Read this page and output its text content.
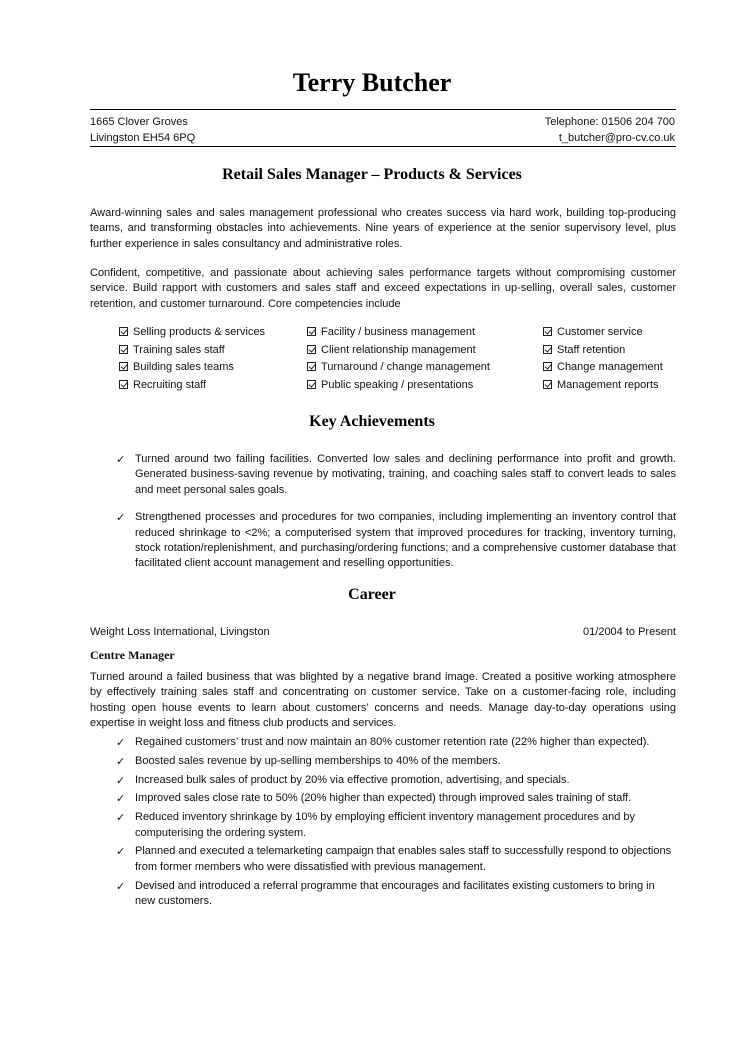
Terry Butcher
1665 Clover Groves
Livingston EH54 6PQ
Telephone: 01506 204 700
t_butcher@pro-cv.co.uk
Retail Sales Manager – Products & Services
Award-winning sales and sales management professional who creates success via hard work, building top-producing teams, and transforming obstacles into achievements. Nine years of experience at the senior supervisory level, plus further experience in sales consultancy and administrative roles.
Confident, competitive, and passionate about achieving sales performance targets without compromising customer service. Build rapport with customers and sales staff and exceed expectations in up-selling, overall sales, customer retention, and customer turnaround. Core competencies include
Selling products & services
Training sales staff
Building sales teams
Recruiting staff
Facility / business management
Client relationship management
Turnaround / change management
Public speaking / presentations
Customer service
Staff retention
Change management
Management reports
Key Achievements
✓ Turned around two failing facilities. Converted low sales and declining performance into profit and growth. Generated business-saving revenue by motivating, training, and coaching sales staff to convert leads to sales and meet personal sales goals.
✓ Strengthened processes and procedures for two companies, including implementing an inventory control that reduced shrinkage to <2%; a computerised system that improved procedures for tracking, inventory turning, stock rotation/replenishment, and purchasing/ordering functions; and a comprehensive customer database that facilitated client account management and reselling opportunities.
Career
Weight Loss International, Livingston	01/2004 to Present
Centre Manager
Turned around a failed business that was blighted by a negative brand image. Created a positive working atmosphere by effectively training sales staff and concentrating on customer service. Take on a customer-facing role, including hosting open house events to learn about customers’ concerns and needs. Manage day-to-day operations using expertise in weight loss and fitness club products and services.
✓ Regained customers’ trust and now maintain an 80% customer retention rate (22% higher than expected).
✓ Boosted sales revenue by up-selling memberships to 40% of the members.
✓ Increased bulk sales of product by 20% via effective promotion, advertising, and specials.
✓ Improved sales close rate to 50% (20% higher than expected) through improved sales training of staff.
✓ Reduced inventory shrinkage by 10% by employing efficient inventory management procedures and by computerising the ordering system.
✓ Planned and executed a telemarketing campaign that enables sales staff to successfully respond to objections from former members who were dissatisfied with previous management.
✓ Devised and introduced a referral programme that encourages and facilitates existing customers to bring in new customers.
